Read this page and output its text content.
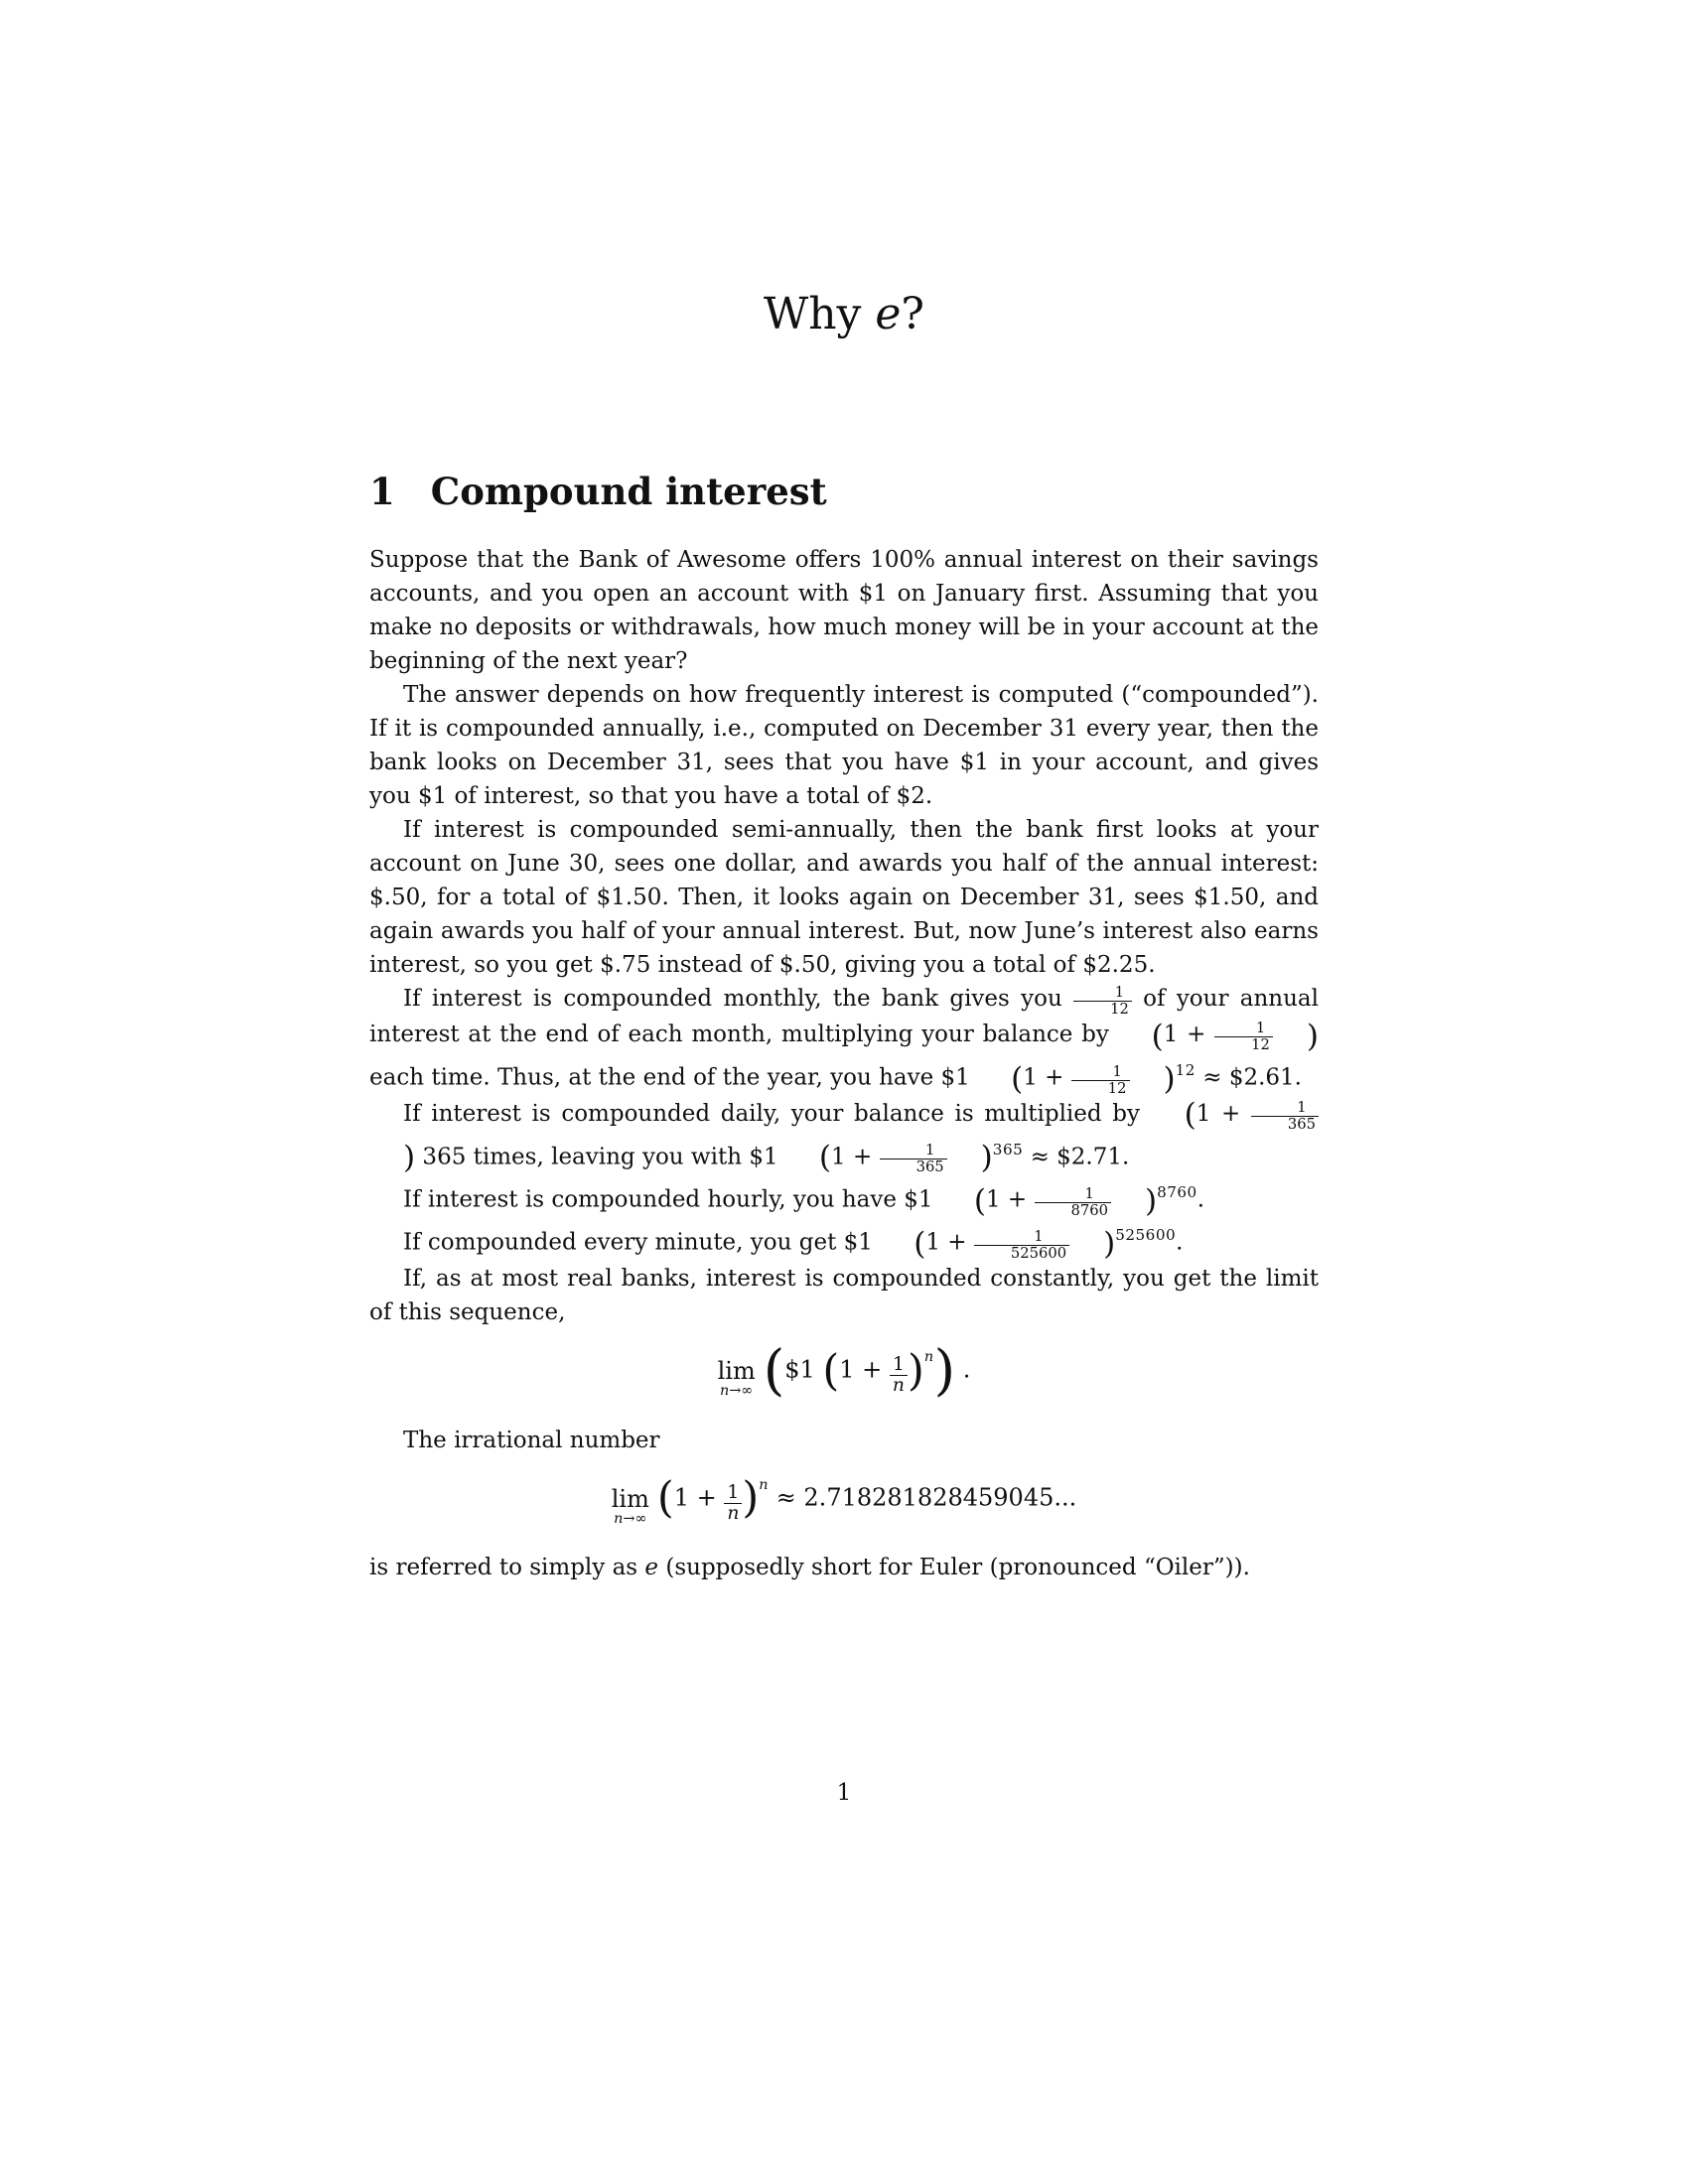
Why e?
1 Compound interest

Suppose that the Bank of Awesome offers 100% annual interest on their savings accounts, and you open an account with $1 on January first. Assuming that you make no deposits or withdrawals, how much money will be in your account at the beginning of the next year?

The answer depends on how frequently interest is computed (“compounded”). If it is compounded annually, i.e., computed on December 31 every year, then the bank looks on December 31, sees that you have $1 in your account, and gives you $1 of interest, so that you have a total of $2.

If interest is compounded semi-annually, then the bank first looks at your account on June 30, sees one dollar, and awards you half of the annual interest: $.50, for a total of $1.50. Then, it looks again on December 31, sees $1.50, and again awards you half of your annual interest. But, now June’s interest also earns interest, so you get $.75 instead of $.50, giving you a total of $2.25.

If interest is compounded monthly, the bank gives you $\frac{1}{12}$ of your annual interest at the end of each month, multiplying your balance by ($1 + \frac{1}{12}$ ) each time. Thus, at the end of the year, you have $1 $(1 + \frac{1}{12} )^{12}$ ≈ $2.61.

If interest is compounded daily, your balance is multiplied by ($1 + \frac{1}{365}$
) 365 times, leaving you with $1 $(1 + \frac{1}{365} )^{365}$ ≈ $2.71.

If interest is compounded hourly, you have $1 $(1 + \frac{1}{8760} )^{8760}$.

If compounded every minute, you get $1 $(1 + \frac{1}{525600} )^{525600}$.

If, as at most real banks, interest is compounded constantly, you get the limit of this sequence,

lim
n→∞ ($1 $(1 + \frac{1}{n} )^n$) .

The irrational number

lim
n→∞ $(1 + \frac{1}{n} )^n \approx 2.718281828459045$...

is referred to simply as e (supposedly short for Euler (pronounced “Oiler”)).

1
